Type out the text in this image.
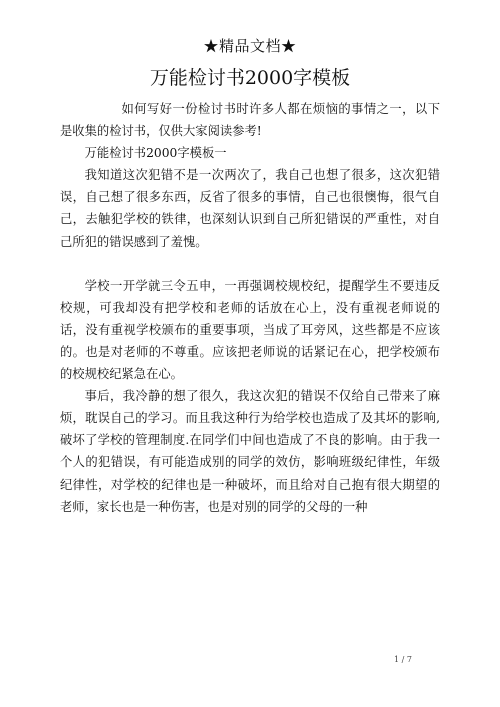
★精品文档★
万能检讨书2000字模板

如何写好一份检讨书时许多人都在烦恼的事情之一，以下是收集的检讨书，仅供大家阅读参考!

万能检讨书2000字模板一

我知道这次犯错不是一次两次了，我自己也想了很多，这次犯错误，自己想了很多东西，反省了很多的事情，自己也很懊悔，很气自己，去触犯学校的铁律，也深刻认识到自己所犯错误的严重性，对自己所犯的错误感到了羞愧。

学校一开学就三令五申，一再强调校规校纪，提醒学生不要违反校规，可我却没有把学校和老师的话放在心上，没有重视老师说的话，没有重视学校颁布的重要事项，当成了耳旁风，这些都是不应该的。也是对老师的不尊重。应该把老师说的话紧记在心，把学校颁布的校规校纪紧急在心。

事后，我冷静的想了很久，我这次犯的错误不仅给自己带来了麻烦，耽误自己的学习。而且我这种行为给学校也造成了及其坏的影响,破坏了学校的管理制度.在同学们中间也造成了不良的影响。由于我一个人的犯错误，有可能造成别的同学的效仿，影响班级纪律性，年级纪律性，对学校的纪律也是一种破坏，而且给对自己抱有很大期望的老师，家长也是一种伤害，也是对别的同学的父母的一种

1 / 7
